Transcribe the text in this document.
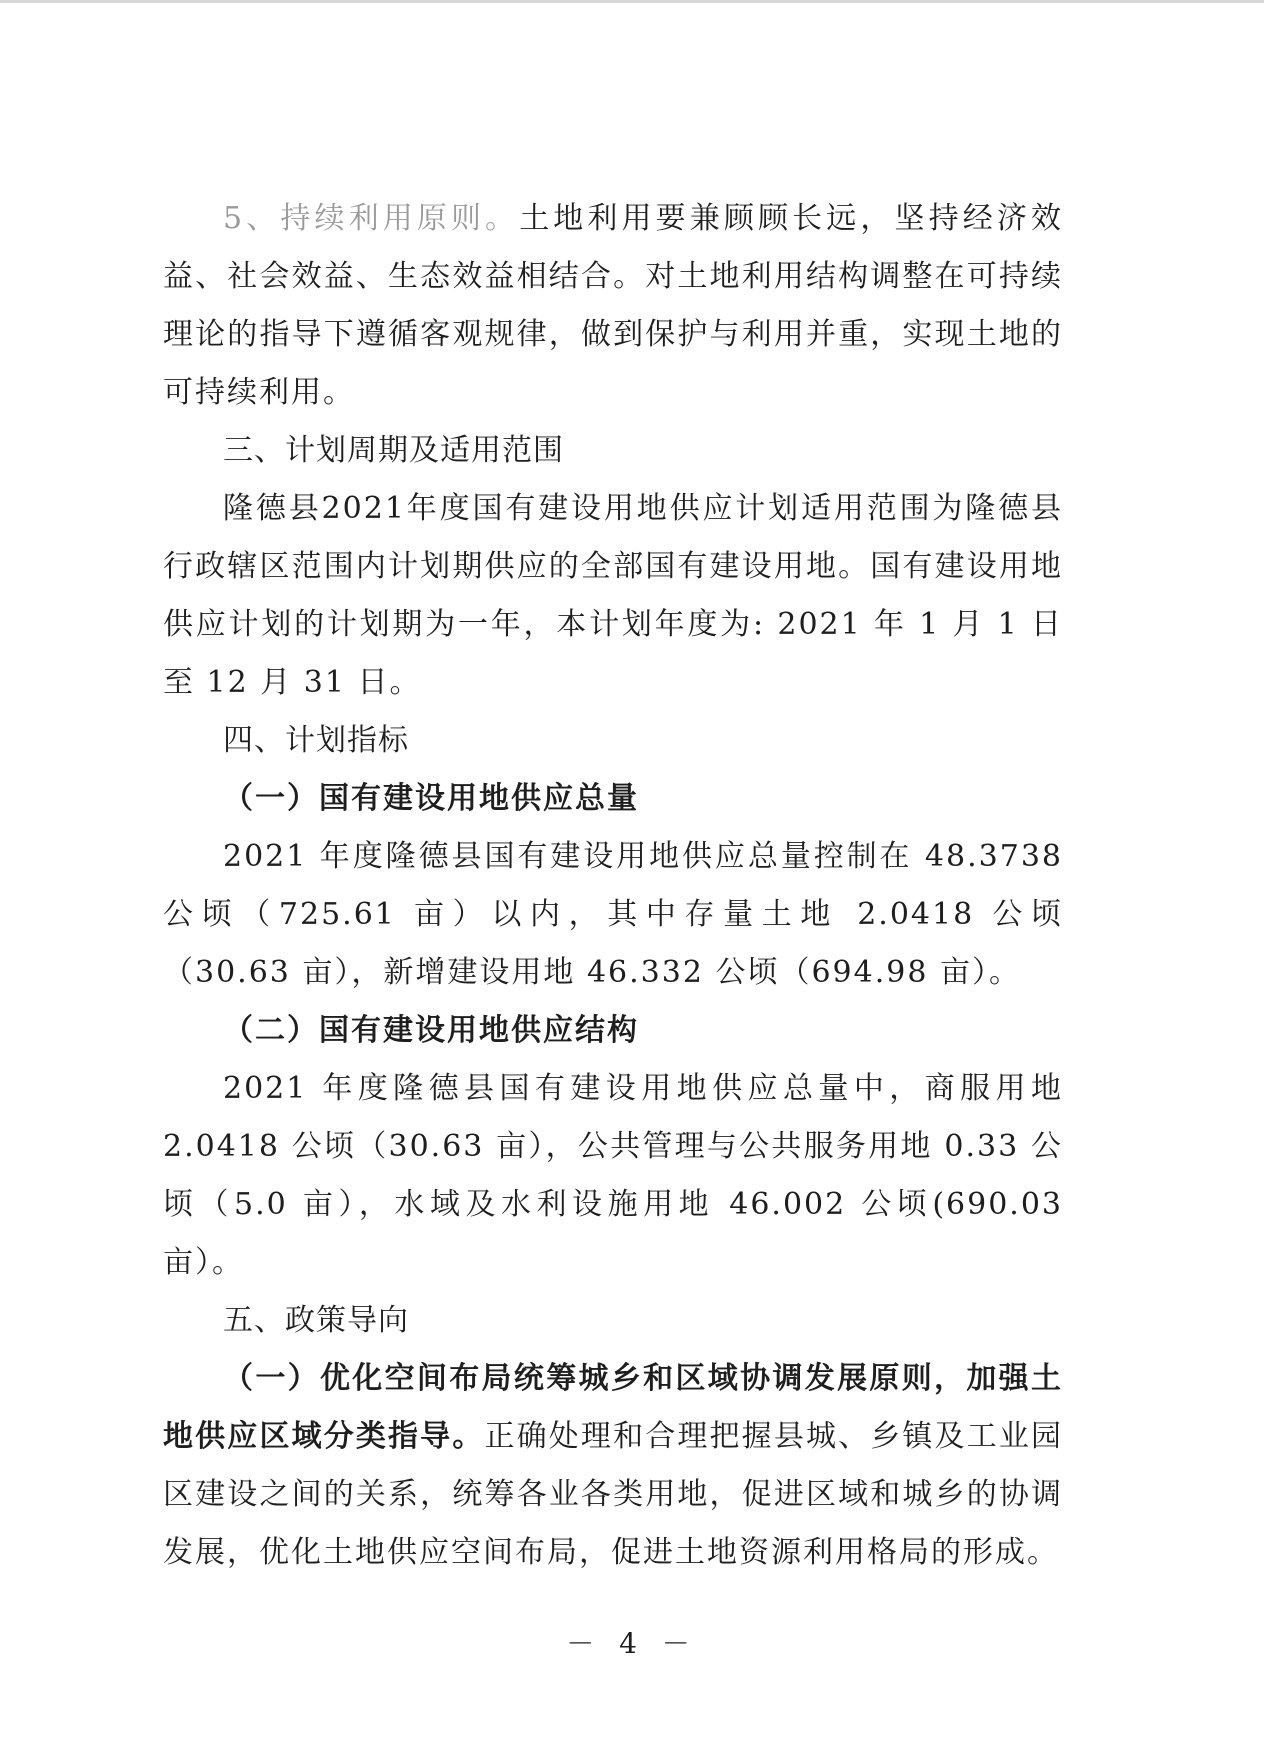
5、持续利用原则。土地利用要兼顾顾长远，坚持经济效益、社会效益、生态效益相结合。对土地利用结构调整在可持续理论的指导下遵循客观规律，做到保护与利用并重，实现土地的可持续利用。

三、计划周期及适用范围

隆德县2021年度国有建设用地供应计划适用范围为隆德县行政辖区范围内计划期供应的全部国有建设用地。国有建设用地供应计划的计划期为一年，本计划年度为: 2021 年 1 月 1 日至 12 月 31 日。

四、计划指标

（一）国有建设用地供应总量

2021 年度隆德县国有建设用地供应总量控制在 48.3738 公顷（725.61 亩）以内，其中存量土地 2.0418 公顷（30.63 亩），新增建设用地 46.332 公顷（694.98 亩）。

（二）国有建设用地供应结构

2021 年度隆德县国有建设用地供应总量中，商服用地 2.0418 公顷（30.63 亩），公共管理与公共服务用地 0.33 公顷（5.0 亩），水域及水利设施用地 46.002 公顷(690.03 亩）。

五、政策导向

（一）优化空间布局统筹城乡和区域协调发展原则，加强土地供应区域分类指导。正确处理和合理把握县城、乡镇及工业园区建设之间的关系，统筹各业各类用地，促进区域和城乡的协调发展，优化土地供应空间布局，促进土地资源利用格局的形成。

－ 4 －
